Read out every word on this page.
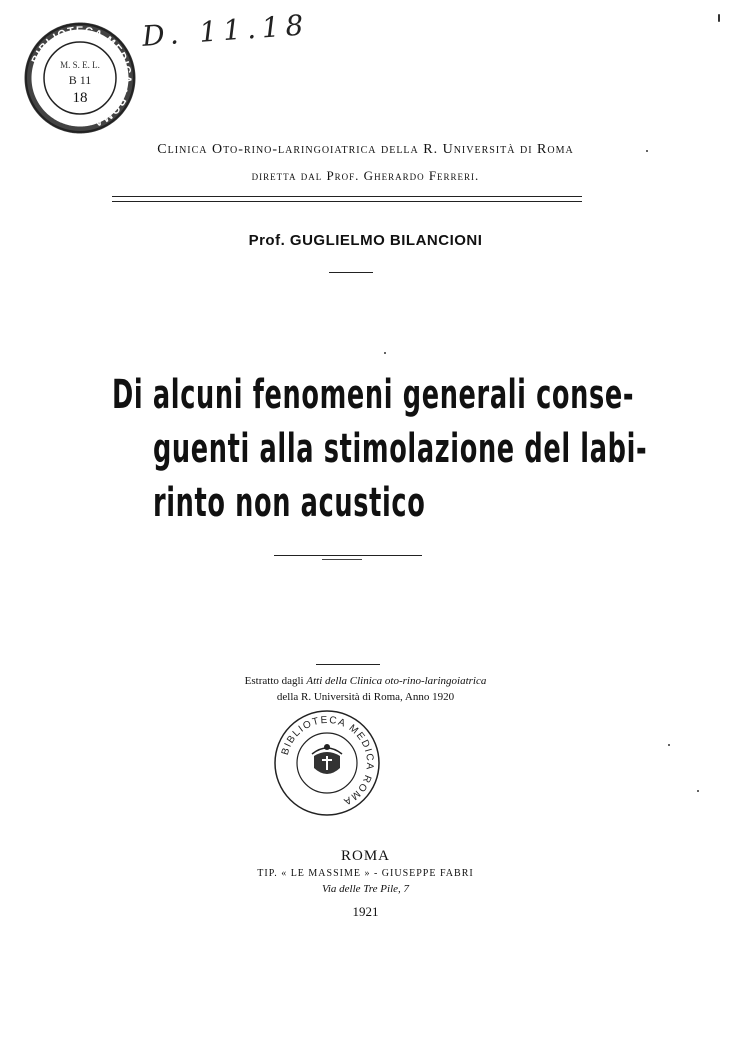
BIBLIOTECA MEDICA • ROMA
M. S. E. L.
B 11
18
D. 11.18
Clinica Oto-rino-laringoiatrica della R. Università di Roma
diretta dal Prof. Gherardo Ferreri.
Prof. GUGLIELMO BILANCIONI
Di alcuni fenomeni generali conse-
guenti alla stimolazione del labi-
rinto non acustico
Estratto dagli Atti della Clinica oto-rino-laringoiatrica
della R. Università di Roma, Anno 1920
BIBLIOTECA MEDICA ROMA
ROMA
TIP. « LE MASSIME » - GIUSEPPE FABRI
Via delle Tre Pile, 7
1921
